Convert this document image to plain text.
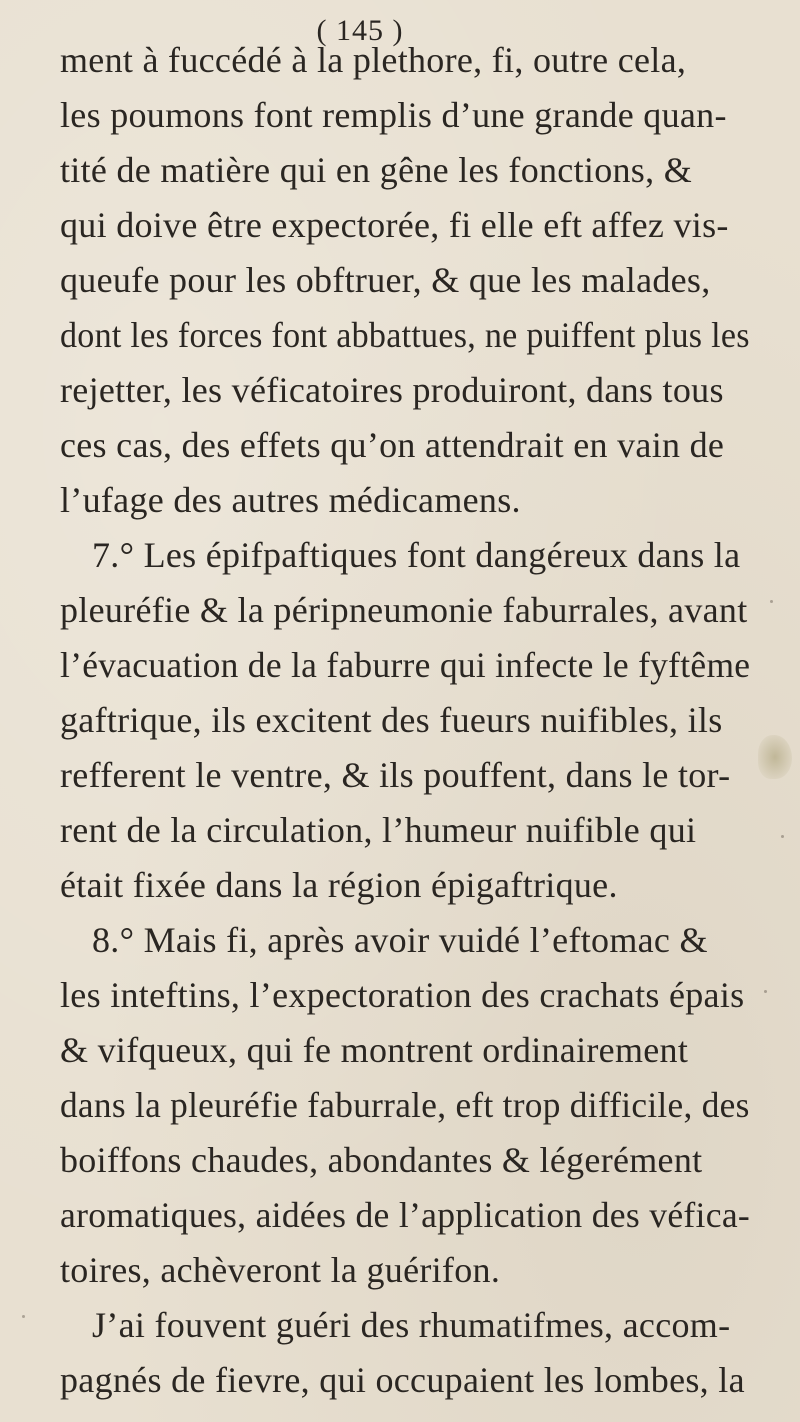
( 145 )
ment à fuccédé à la plethore, fi, outre cela,
les poumons font remplis d’une grande quan-
tité de matière qui en gêne les fonctions, &
qui doive être expectorée, fi elle eft affez vis-
queufe pour les obftruer, & que les malades,
dont les forces font abbattues, ne puiffent plus les
rejetter, les véficatoires produiront, dans tous
ces cas, des effets qu’on attendrait en vain de
l’ufage des autres médicamens.
7.° Les épifpaftiques font dangéreux dans la
pleuréfie & la péripneumonie faburrales, avant
l’évacuation de la faburre qui infecte le fyftême
gaftrique, ils excitent des fueurs nuifibles, ils
refferent le ventre, & ils pouffent, dans le tor-
rent de la circulation, l’humeur nuifible qui
était fixée dans la région épigaftrique.
8.° Mais fi, après avoir vuidé l’eftomac &
les inteftins, l’expectoration des crachats épais
& vifqueux, qui fe montrent ordinairement
dans la pleuréfie faburrale, eft trop difficile, des
boiffons chaudes, abondantes & légerément
aromatiques, aidées de l’application des véfica-
toires, achèveront la guérifon.
J’ai fouvent guéri des rhumatifmes, accom-
pagnés de fievre, qui occupaient les lombes, la
